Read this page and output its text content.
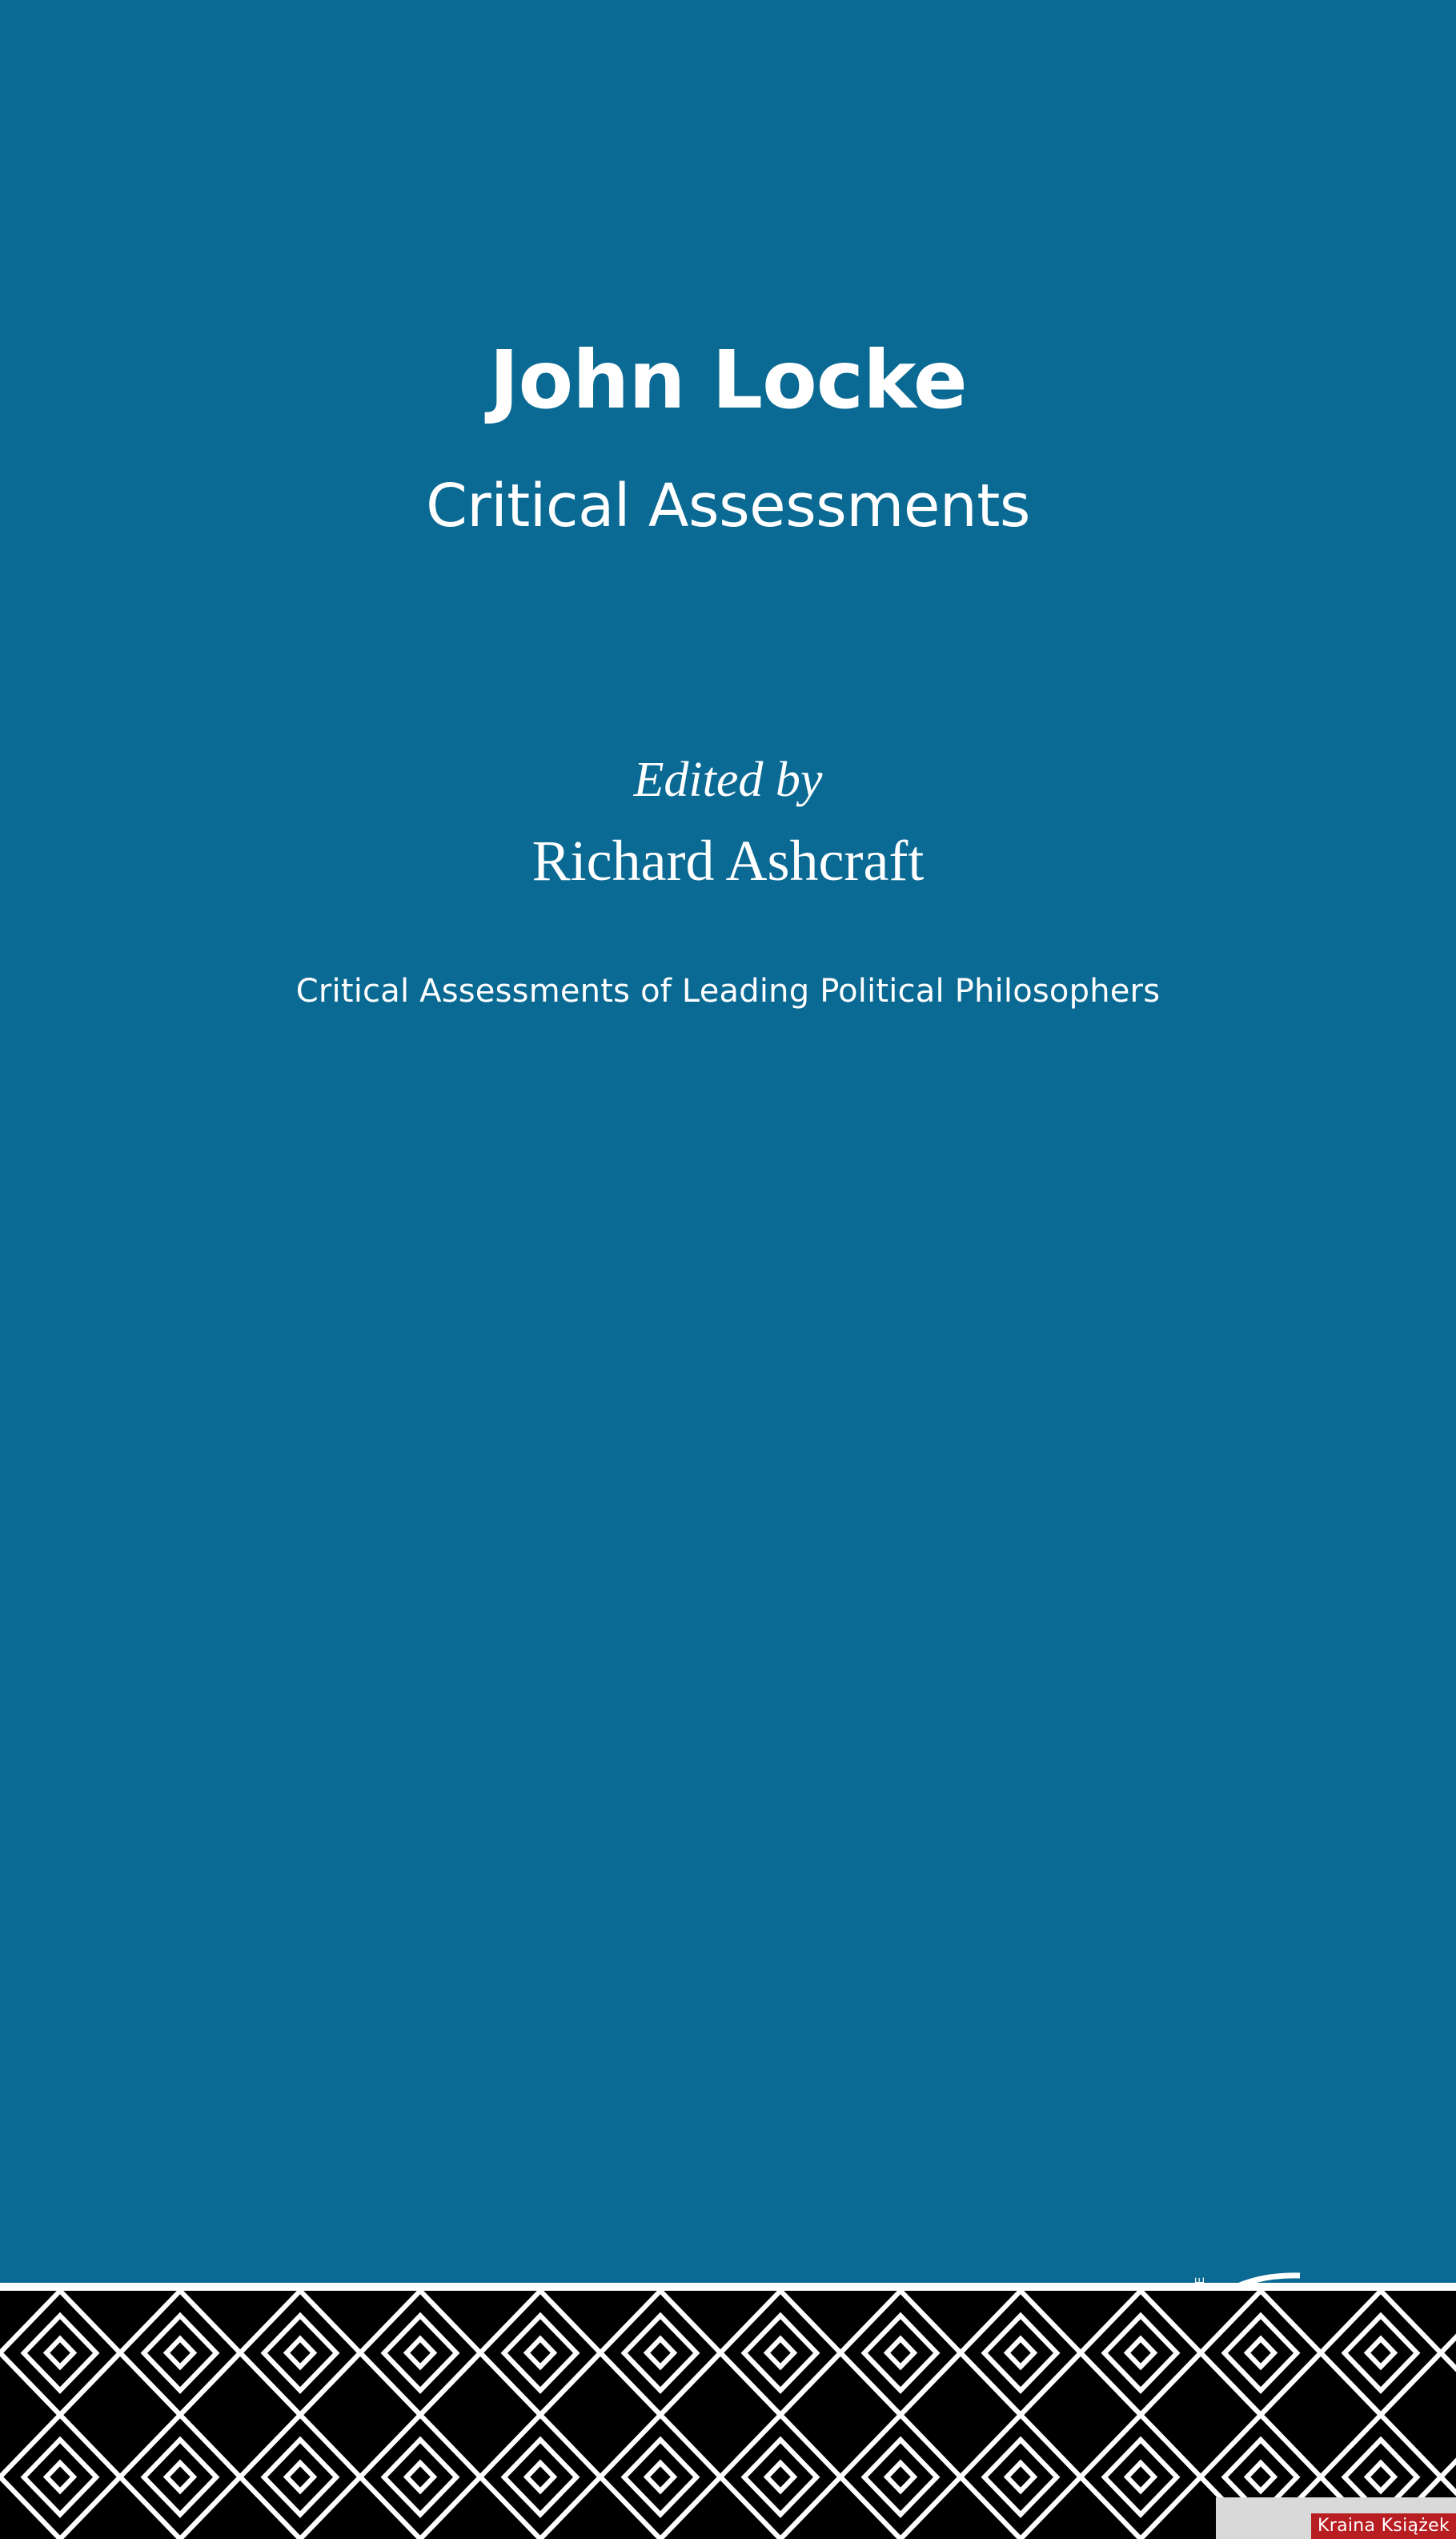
John Locke
Critical Assessments
Edited by
Richard Ashcraft
Critical Assessments of Leading Political Philosophers
Kraina Książek
